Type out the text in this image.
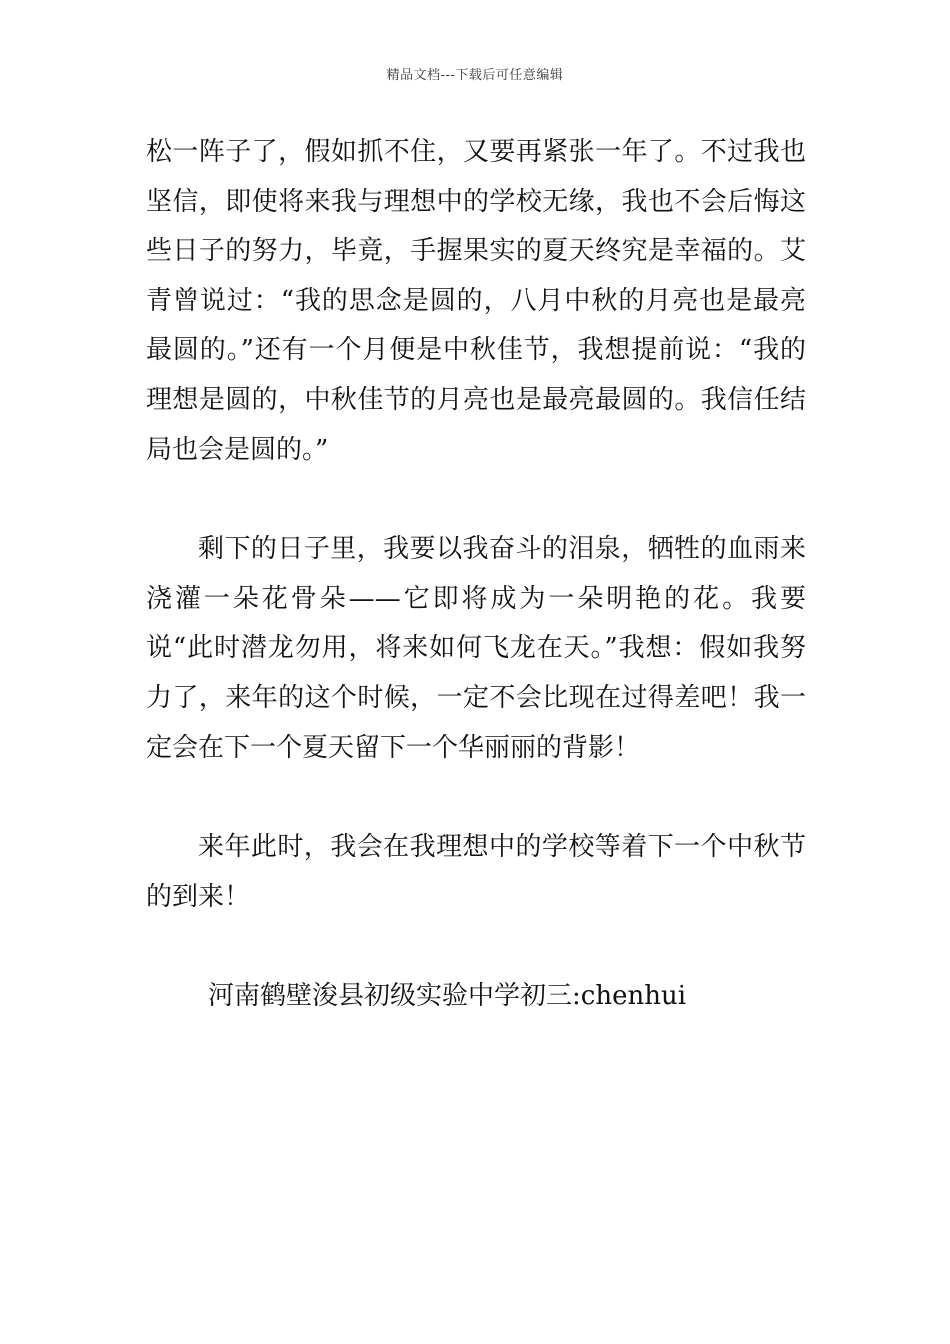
精品文档---下载后可任意编辑

松一阵子了，假如抓不住，又要再紧张一年了。不过我也坚信，即使将来我与理想中的学校无缘，我也不会后悔这些日子的努力，毕竟，手握果实的夏天终究是幸福的。艾青曾说过：“我的思念是圆的，八月中秋的月亮也是最亮最圆的。”还有一个月便是中秋佳节，我想提前说：“我的理想是圆的，中秋佳节的月亮也是最亮最圆的。我信任结局也会是圆的。”

剩下的日子里，我要以我奋斗的泪泉，牺牲的血雨来浇灌一朵花骨朵——它即将成为一朵明艳的花。我要说“此时潜龙勿用，将来如何飞龙在天。”我想：假如我努力了，来年的这个时候，一定不会比现在过得差吧！我一定会在下一个夏天留下一个华丽丽的背影！

来年此时，我会在我理想中的学校等着下一个中秋节的到来！

河南鹤壁浚县初级实验中学初三:chenhui
